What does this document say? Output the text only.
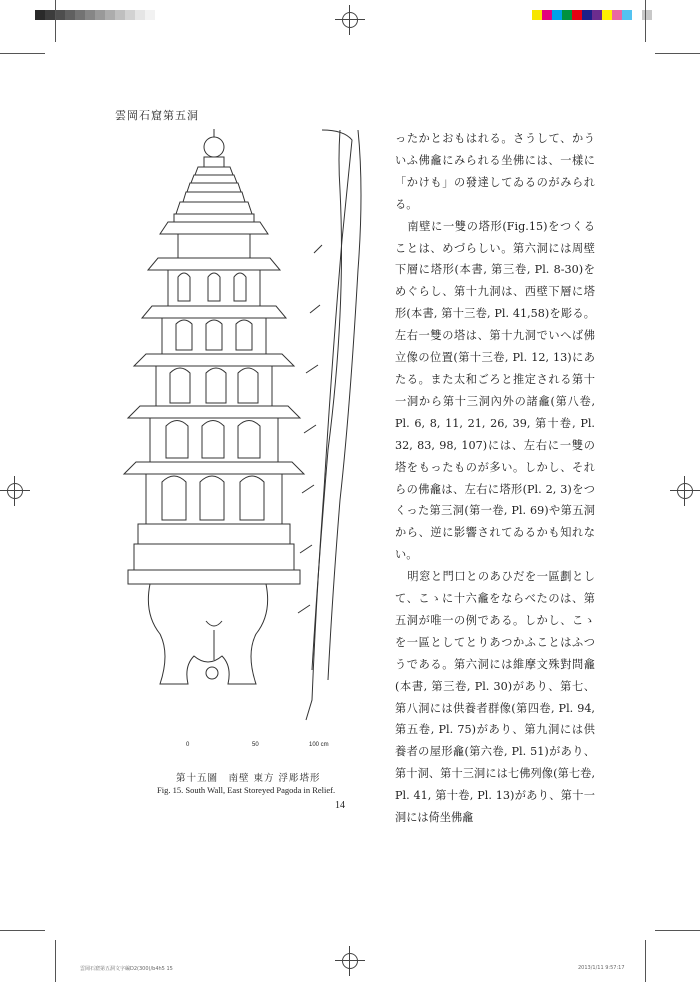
雲岡石窟第五洞
0	50	100 cm
第十五圖　南壁 東方 浮彫塔形
Fig. 15. South Wall, East Storeyed Pagoda in Relief.
14

ったかとおもはれる。さうして、かういふ佛龕にみられる坐佛には、一樣に「かけも」の發達してゐるのがみられる。

南壁に一雙の塔形(Fig.15)をつくることは、めづらしい。第六洞には周壁下層に塔形(本書, 第三卷, Pl. 8-30)をめぐらし、第十九洞は、西壁下層に塔形(本書, 第十三卷, Pl. 41,58)を彫る。左右一雙の塔は、第十九洞でいへば佛立像の位置(第十三卷, Pl. 12, 13)にあたる。また太和ごろと推定される第十一洞から第十三洞內外の諸龕(第八卷, Pl. 6, 8, 11, 21, 26, 39, 第十卷, Pl. 32, 83, 98, 107)には、左右に一雙の塔をもったものが多い。しかし、それらの佛龕は、左右に塔形(Pl. 2, 3)をつくった第三洞(第一卷, Pl. 69)や第五洞から、逆に影響されてゐるかも知れない。

明窓と門口とのあひだを一區劃として、こゝに十六龕をならべたのは、第五洞が唯一の例である。しかし、こゝを一區としてとりあつかふことはふつうである。第六洞には維摩文殊對問龕(本書, 第三卷, Pl. 30)があり、第七、第八洞には供養者群像(第四卷, Pl. 94, 第五卷, Pl. 75)があり、第九洞には供養者の屋形龕(第六卷, Pl. 51)があり、第十洞、第十三洞には七佛列像(第七卷, Pl. 41, 第十卷, Pl. 13)があり、第十一洞には倚坐佛龕

雲岡石窟第五洞文字編D2(300)/b4h5 15	2013/1/11 9:57:17
